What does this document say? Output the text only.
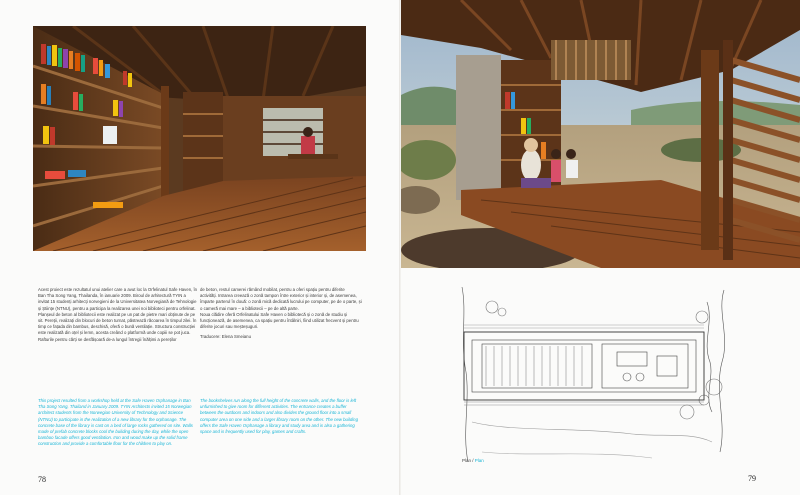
Acest proiect este rezultatul unui atelier care a avut loc la Orfelinatul Safe Haven, în Ban Tha Song Yang, Thailanda, în ianuarie 2009. Biroul de arhitectură TYIN a invitat 15 studenți arhitecți norvegieni de la Universitatea Norvegiană de Tehnologie și Științe (NTNU), pentru a participa la realizarea unei noi biblioteci pentru orfelinat.

Planșeul de beton al bibliotecii este realizat pe un pat de pietre mari obținute de pe sit. Pereții, realizați din blocuri de beton turnat, păstrează răcoarea în timpul zilei. În timp ce fațada din bambus, deschisă, oferă o bună ventilație. Structura construcției este realizată din oțel și lemn, acesta creând o platformă unde copiii se pot juca.

Rafturile pentru cărți se desfășoară de-a lungul întregii înălțimi a pereților

de beton, restul camerei rămând mobilat, pentru a oferi spațiu pentru diferite activități. Intrarea creează o zonă tampon între exterior și interior și, de asemenea, împarte parterul în două: o zonă mică dedicată lucrului pe computer, pe de o parte, și o cameră mai mare – a bibliotecii – pe de altă parte.

Noua clădire oferă Orfelinatului Safe Haven o bibliotecă și o zonă de studiu și funcționează, de asemenea, ca spațiu pentru întâlniri, fiind utilizat frecvent și pentru diferite jocuri sau meșteșuguri.

Traducere: Elena Smeianu

This project resulted from a workshop held at the Safe Haven Orphanage in Ban Tha Song Yang, Thailand in January 2009. TYIN Architects invited 15 Norwegian architect students from the Norwegian University of Technology and Science (NTNU) to participate in the realization of a new library for the orphanage. The concrete base of the library is cast on a bed of large rocks gathered on site. Walls made of prefab concrete blocks cool the building during the day, while the open bamboo facade offers good ventilation. Iron and wood make up the solid frame construction and provide a comfortable floor for the children to play on.

The bookshelves run along the full height of the concrete walls, and the floor is left unfurnished to give room for different activities. The entrance creates a buffer between the outdoors and indoors and also divides the ground floor into a small computer area on one side and a larger library room on the other. The new building offers the Safe Haven Orphanage a library and study area and is also a gathering space and is frequently used for play, games and crafts.

78	79
Plan / Plan
